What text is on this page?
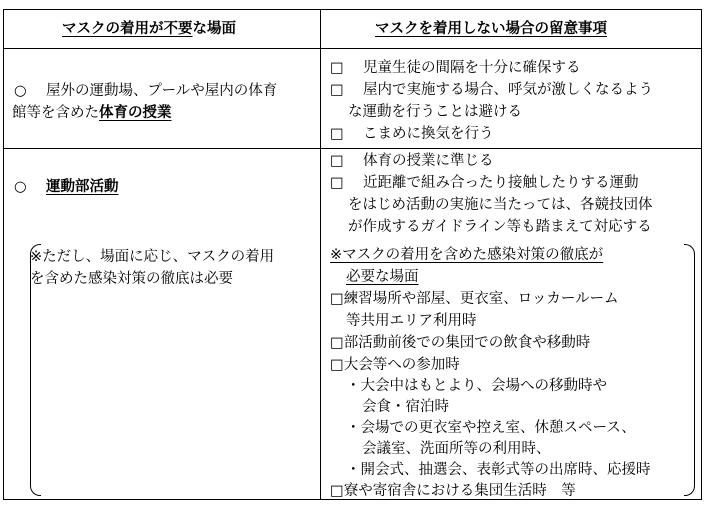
マスクの着用が不要な場面	マスクを着用しない場合の留意事項
○ 屋外の運動場、プールや屋内の体育
館等を含めた体育の授業
□ 児童生徒の間隔を十分に確保する
□ 屋内で実施する場合、呼気が激しくなるよう
な運動を行うことは避ける
□ こまめに換気を行う
○ 運動部活動
※ただし、場面に応じ、マスクの着用
を含めた感染対策の徹底は必要
□ 体育の授業に準じる
□ 近距離で組み合ったり接触したりする運動
をはじめ活動の実施に当たっては、各競技団体
が作成するガイドライン等も踏まえて対応する
※マスクの着用を含めた感染対策の徹底が
必要な場面
□練習場所や部屋、更衣室、ロッカールーム
等共用エリア利用時
□部活動前後での集団での飲食や移動時
□大会等への参加時
・大会中はもとより、会場への移動時や
会食・宿泊時
・会場での更衣室や控え室、休憩スペース、
会議室、洗面所等の利用時、
・開会式、抽選会、表彰式等の出席時、応援時
□寮や寄宿舎における集団生活時　等
